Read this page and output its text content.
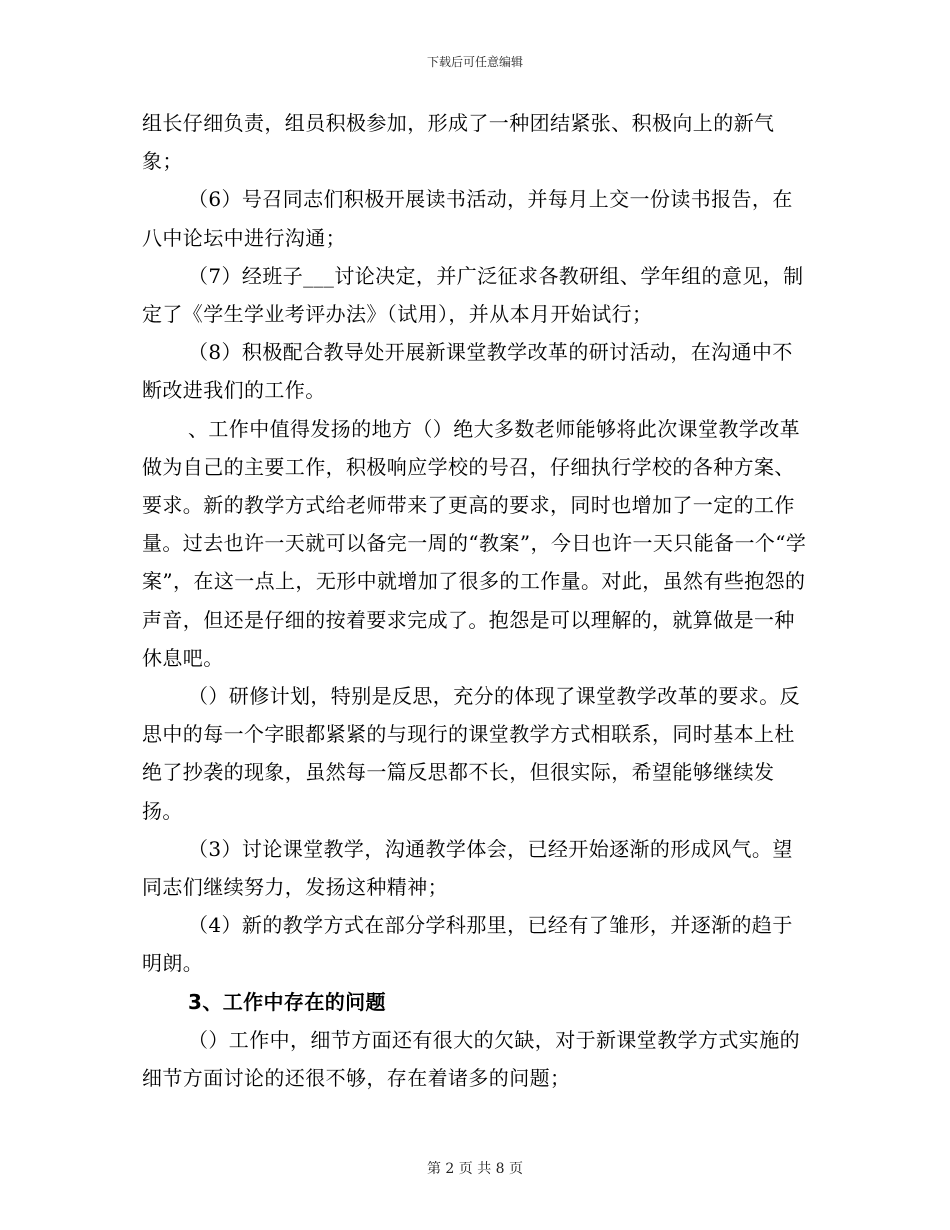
下载后可任意编辑

组长仔细负责，组员积极参加，形成了一种团结紧张、积极向上的新气象；

（6）号召同志们积极开展读书活动，并每月上交一份读书报告，在八中论坛中进行沟通；

（7）经班子___讨论决定，并广泛征求各教研组、学年组的意见，制定了《学生学业考评办法》（试用），并从本月开始试行；

（8）积极配合教导处开展新课堂教学改革的研讨活动，在沟通中不断改进我们的工作。

、工作中值得发扬的地方（）绝大多数老师能够将此次课堂教学改革做为自己的主要工作，积极响应学校的号召，仔细执行学校的各种方案、要求。新的教学方式给老师带来了更高的要求，同时也增加了一定的工作量。过去也许一天就可以备完一周的“教案”，今日也许一天只能备一个“学案”，在这一点上，无形中就增加了很多的工作量。对此，虽然有些抱怨的声音，但还是仔细的按着要求完成了。抱怨是可以理解的，就算做是一种休息吧。

（）研修计划，特别是反思，充分的体现了课堂教学改革的要求。反思中的每一个字眼都紧紧的与现行的课堂教学方式相联系，同时基本上杜绝了抄袭的现象，虽然每一篇反思都不长，但很实际，希望能够继续发扬。

（3）讨论课堂教学，沟通教学体会，已经开始逐渐的形成风气。望同志们继续努力，发扬这种精神；

（4）新的教学方式在部分学科那里，已经有了雏形，并逐渐的趋于明朗。

3、工作中存在的问题

（）工作中，细节方面还有很大的欠缺，对于新课堂教学方式实施的细节方面讨论的还很不够，存在着诸多的问题；

第 2 页 共 8 页
